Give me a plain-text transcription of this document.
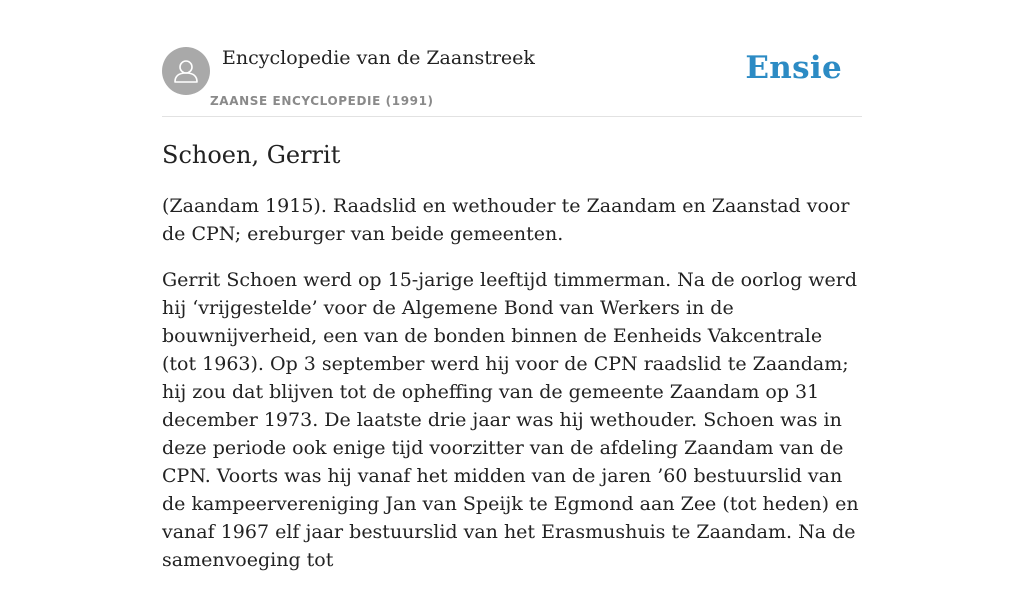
Encyclopedie van de Zaanstreek
ZAANSE ENCYCLOPEDIE (1991)
Ensie
Schoen, Gerrit

(Zaandam 1915). Raadslid en wethouder te Zaandam en Zaanstad voor de CPN; ereburger van beide gemeenten.

Gerrit Schoen werd op 15-jarige leeftijd timmerman. Na de oorlog werd hij ‘vrijgestelde’ voor de Algemene Bond van Werkers in de bouwnijverheid, een van de bonden binnen de Eenheids Vakcentrale (tot 1963). Op 3 september werd hij voor de CPN raadslid te Zaandam; hij zou dat blijven tot de opheffing van de gemeente Zaandam op 31 december 1973. De laatste drie jaar was hij wethouder. Schoen was in deze periode ook enige tijd voorzitter van de afdeling Zaandam van de CPN. Voorts was hij vanaf het midden van de jaren ’60 bestuurslid van de kampeervereniging Jan van Speijk te Egmond aan Zee (tot heden) en vanaf 1967 elf jaar bestuurslid van het Erasmushuis te Zaandam. Na de samenvoeging tot
